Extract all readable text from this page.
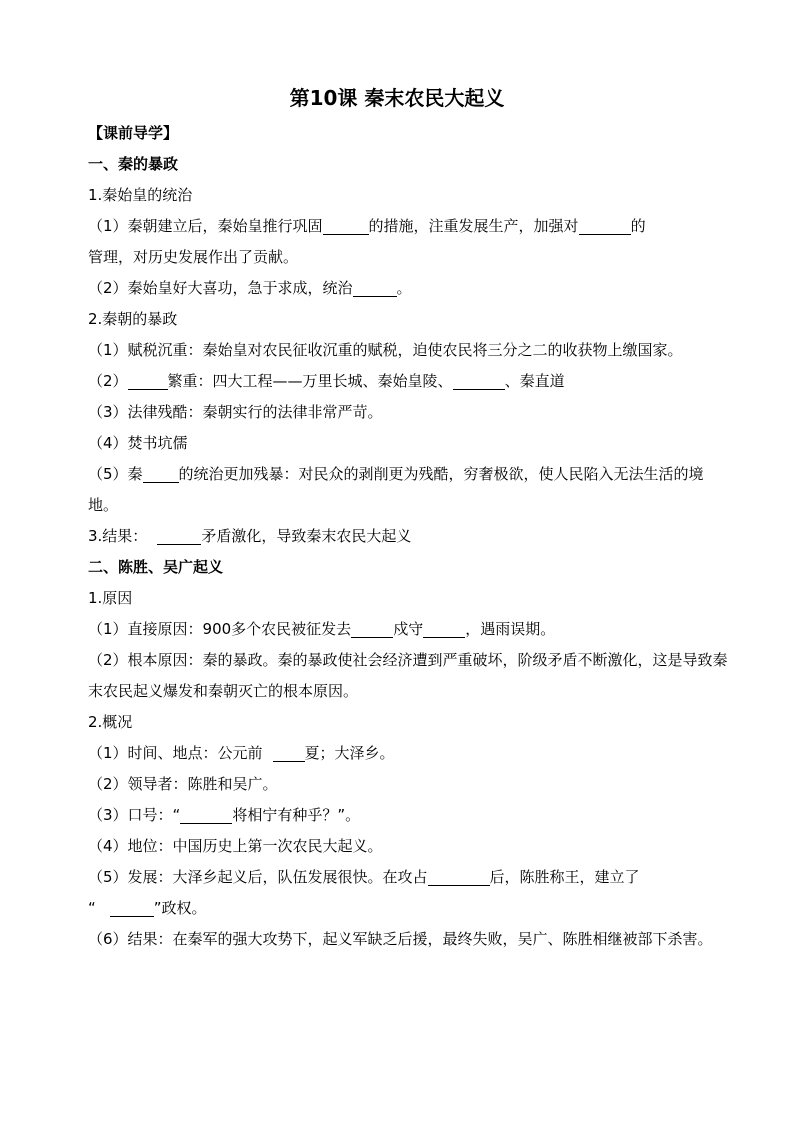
第10课 秦末农民大起义
【课前导学】
一、秦的暴政
1.秦始皇的统治
（1）秦朝建立后，秦始皇推行巩固	的措施，注重发展生产，加强对	的
管理，对历史发展作出了贡献。
（2）秦始皇好大喜功，急于求成，统治	。
2.秦朝的暴政
（1）赋税沉重：秦始皇对农民征收沉重的赋税，迫使农民将三分之二的收获物上缴国家。
（2）	繁重：四大工程——万里长城、秦始皇陵、	、秦直道
（3）法律残酷：秦朝实行的法律非常严苛。
（4）焚书坑儒
（5）秦 的统治更加残暴：对民众的剥削更为残酷，穷奢极欲，使人民陷入无法生活的境地。
3.结果：	矛盾激化，导致秦末农民大起义
二、陈胜、吴广起义
1.原因
（1）直接原因：900多个农民被征发去	戍守	，遇雨误期。
（2）根本原因：秦的暴政。秦的暴政使社会经济遭到严重破坏，阶级矛盾不断激化，这是导致秦末农民起义爆发和秦朝灭亡的根本原因。
2.概况
（1）时间、地点：公元前	夏；大泽乡。
（2）领导者：陈胜和吴广。
（3）口号：“	将相宁有种乎？”。
（4）地位：中国历史上第一次农民大起义。
（5）发展：大泽乡起义后，队伍发展很快。在攻占	后，陈胜称王，建立了
“	”政权。
（6）结果：在秦军的强大攻势下，起义军缺乏后援，最终失败，吴广、陈胜相继被部下杀害。
